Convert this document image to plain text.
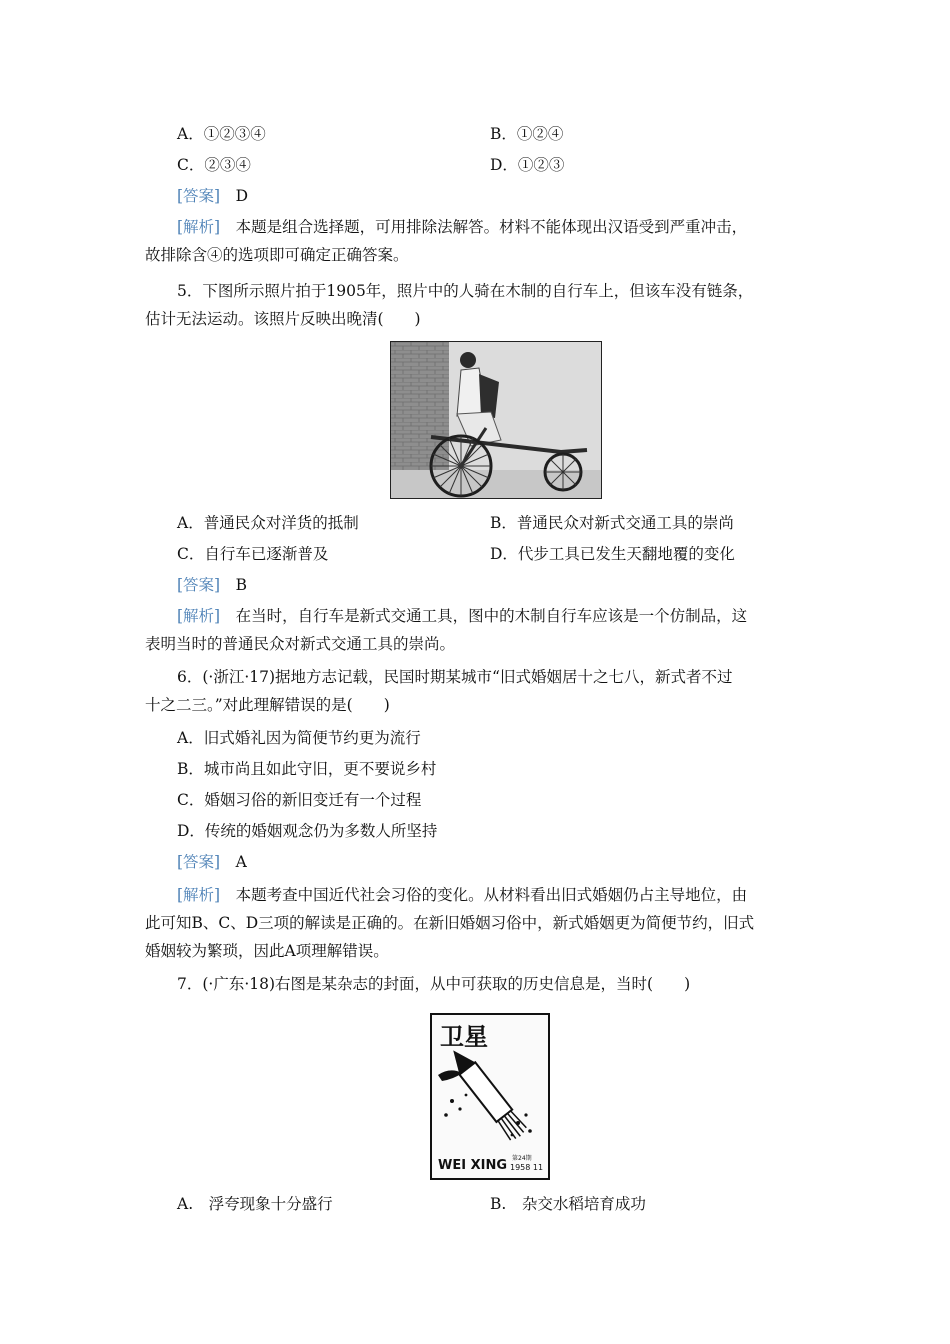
A．①②③④	B．①②④
C．②③④	D．①②③
[答案]　 D
[解析]　 本题是组合选择题，可用排除法解答。材料不能体现出汉语受到严重冲击，
故排除含④的选项即可确定正确答案。
5．下图所示照片拍于1905年，照片中的人骑在木制的自行车上，但该车没有链条，
估计无法运动。该照片反映出晚清(　　)
A．普通民众对洋货的抵制	B．普通民众对新式交通工具的崇尚
C．自行车已逐渐普及	D．代步工具已发生天翻地覆的变化
[答案]　 B
[解析]　 在当时，自行车是新式交通工具，图中的木制自行车应该是一个仿制品，这
表明当时的普通民众对新式交通工具的崇尚。
6．(·浙江·17)据地方志记载，民国时期某城市“旧式婚姻居十之七八，新式者不过
十之二三。”对此理解错误的是(　　)
A．旧式婚礼因为简便节约更为流行
B．城市尚且如此守旧，更不要说乡村
C．婚姻习俗的新旧变迁有一个过程
D．传统的婚姻观念仍为多数人所坚持
[答案]　 A
[解析]　 本题考查中国近代社会习俗的变化。从材料看出旧式婚姻仍占主导地位，由
此可知B、C、D三项的解读是正确的。在新旧婚姻习俗中，新式婚姻更为简便节约，旧式
婚姻较为繁琐，因此A项理解错误。
7．(·广东·18)右图是某杂志的封面，从中可获取的历史信息是，当时(　　)
卫星
WEI XING 第24期
1958 11
A.　浮夸现象十分盛行	B.　杂交水稻培育成功
